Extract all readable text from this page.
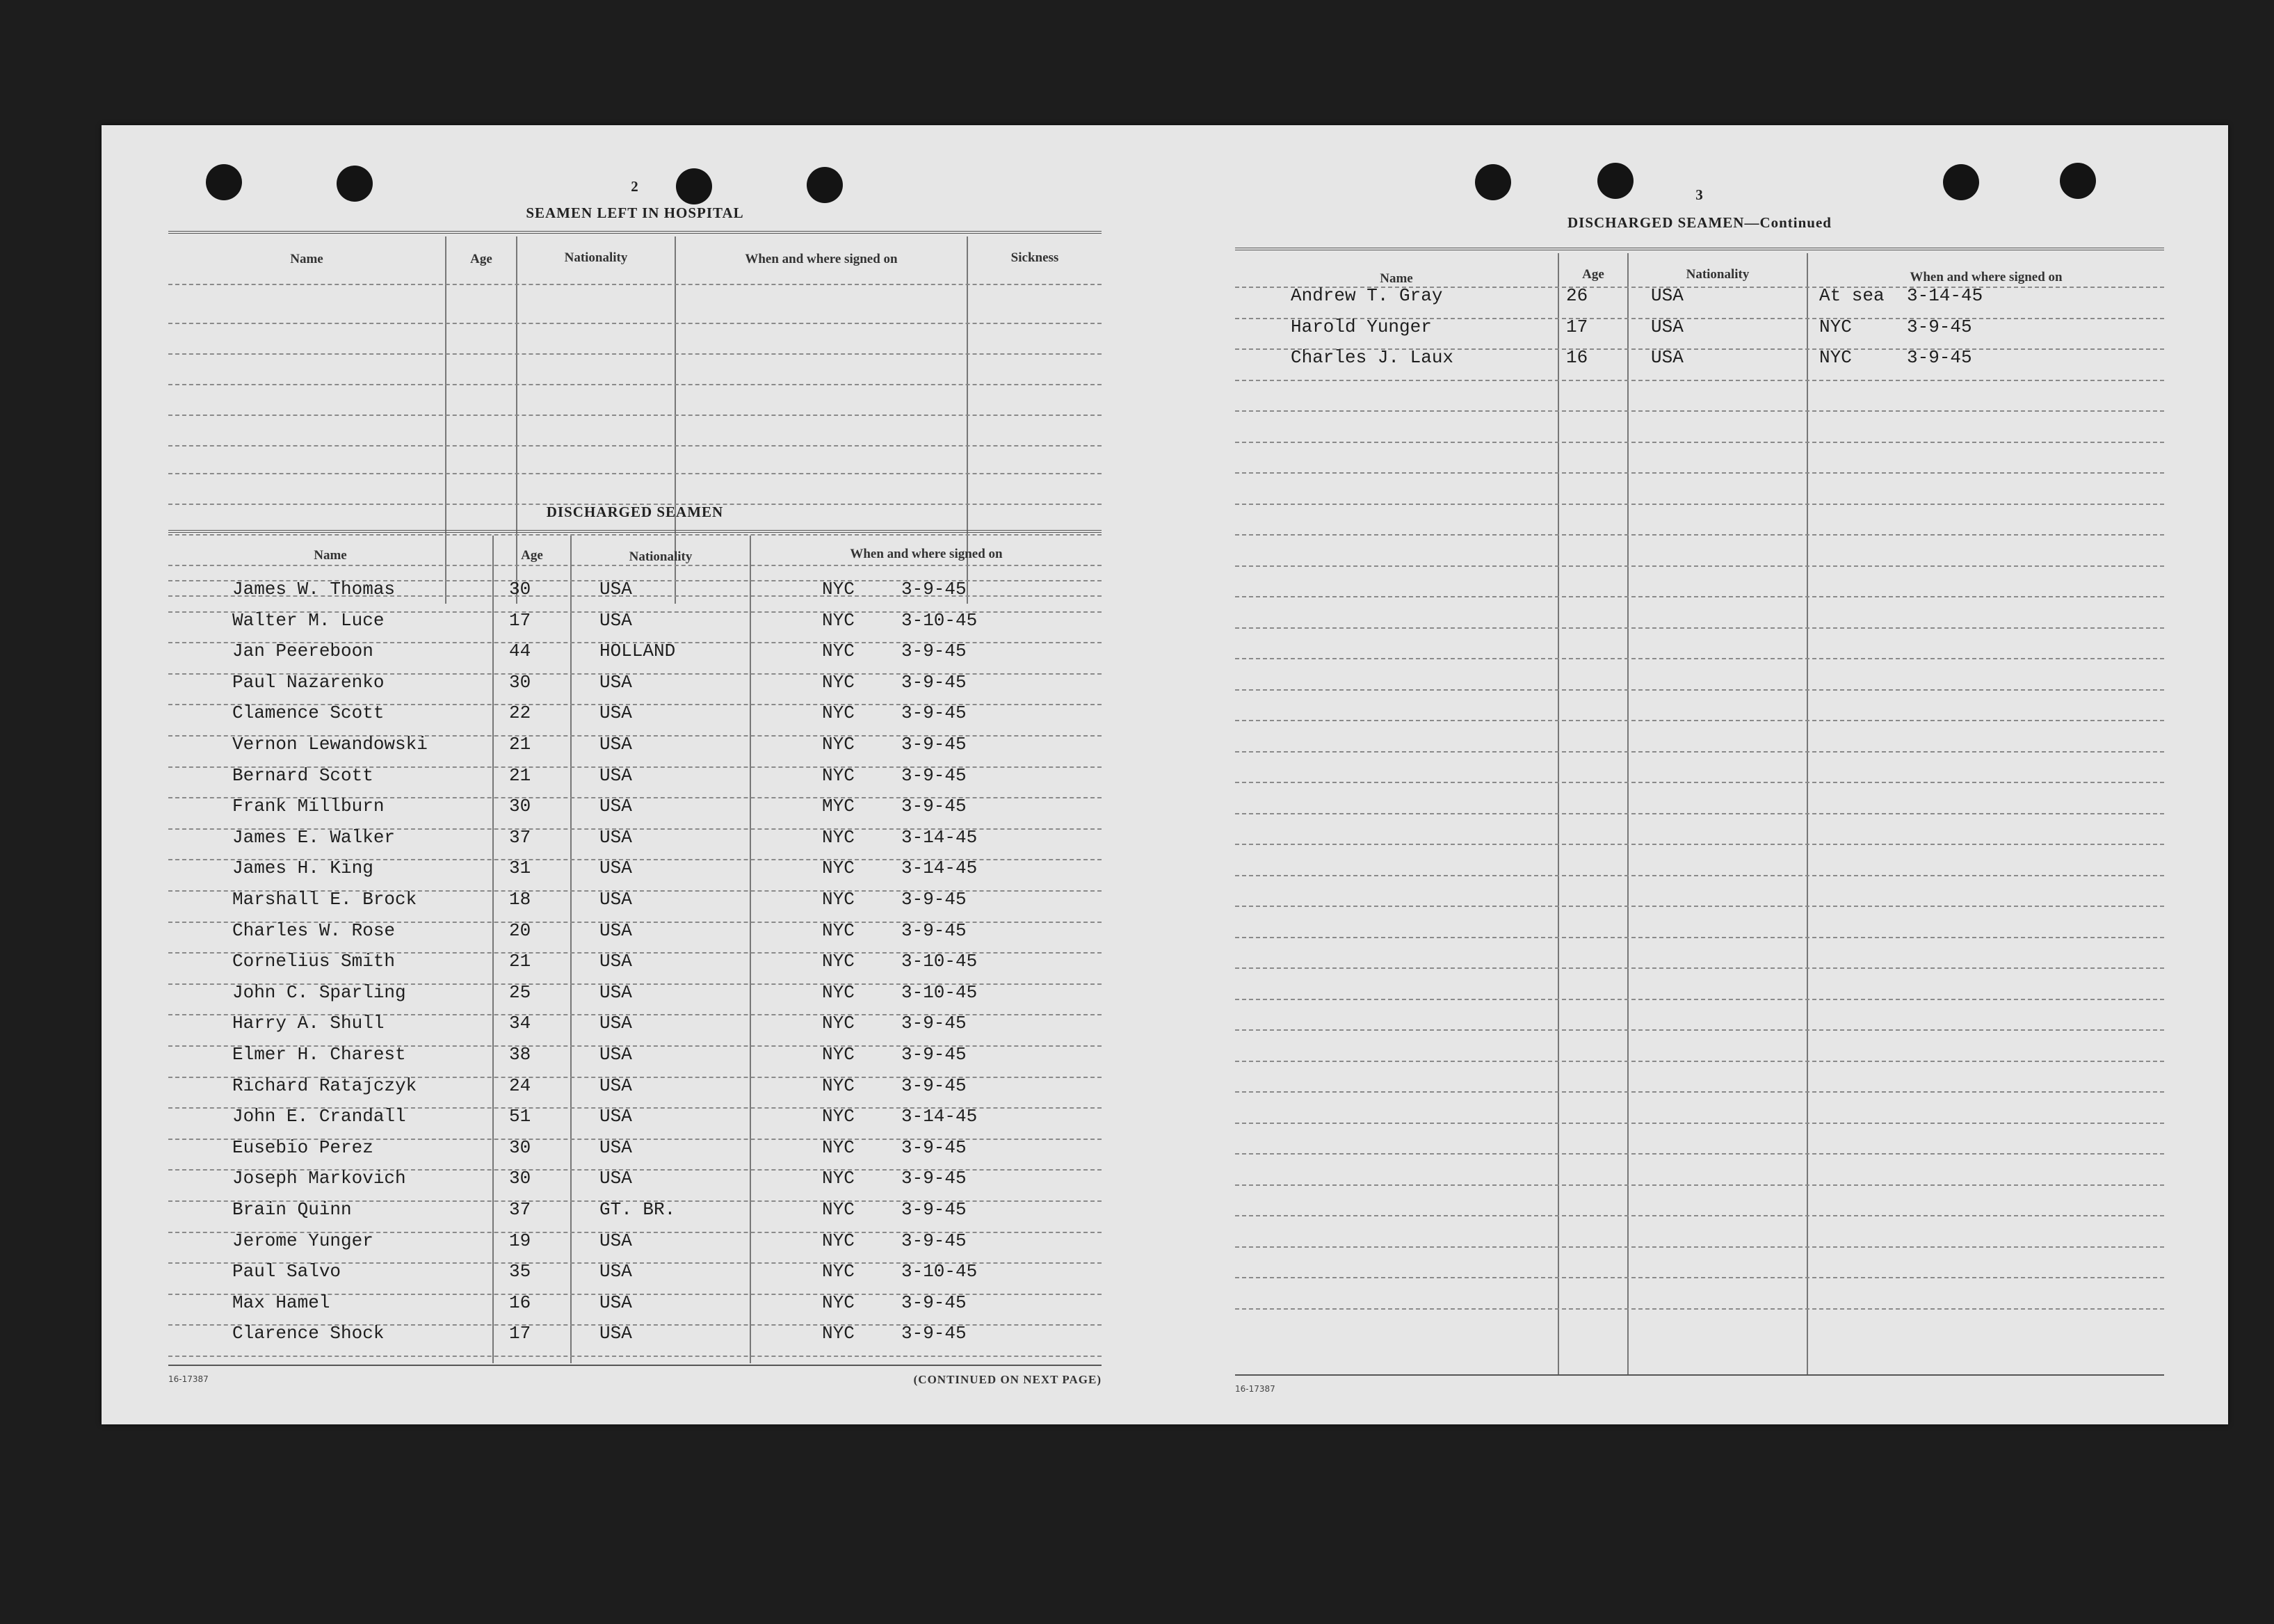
2
SEAMEN LEFT IN HOSPITAL
Name	Age	Nationality	When and where signed on	Sickness
DISCHARGED SEAMEN
Name	Age	Nationality	When and where signed on
James W. Thomas	30	USA	NYC	3-9-45
Walter M. Luce	17	USA	NYC	3-10-45
Jan Peereboon	44	HOLLAND	NYC	3-9-45
Paul Nazarenko	30	USA	NYC	3-9-45
Clamence Scott	22	USA	NYC	3-9-45
Vernon Lewandowski	21	USA	NYC	3-9-45
Bernard Scott	21	USA	NYC	3-9-45
Frank Millburn	30	USA	MYC	3-9-45
James E. Walker	37	USA	NYC	3-14-45
James H. King	31	USA	NYC	3-14-45
Marshall E. Brock	18	USA	NYC	3-9-45
Charles W. Rose	20	USA	NYC	3-9-45
Cornelius Smith	21	USA	NYC	3-10-45
John C. Sparling	25	USA	NYC	3-10-45
Harry A. Shull	34	USA	NYC	3-9-45
Elmer H. Charest	38	USA	NYC	3-9-45
Richard Ratajczyk	24	USA	NYC	3-9-45
John E. Crandall	51	USA	NYC	3-14-45
Eusebio Perez	30	USA	NYC	3-9-45
Joseph Markovich	30	USA	NYC	3-9-45
Brain Quinn	37	GT. BR.	NYC	3-9-45
Jerome Yunger	19	USA	NYC	3-9-45
Paul Salvo	35	USA	NYC	3-10-45
Max Hamel	16	USA	NYC	3-9-45
Clarence Shock	17	USA	NYC	3-9-45
16-17387	(CONTINUED ON NEXT PAGE)
3
DISCHARGED SEAMEN—Continued
Name	Age	Nationality	When and where signed on
Andrew T. Gray	26	USA	At sea 3-14-45
Harold Yunger	17	USA	NYC	3-9-45
Charles J. Laux	16	USA	NYC	3-9-45
16-17387
